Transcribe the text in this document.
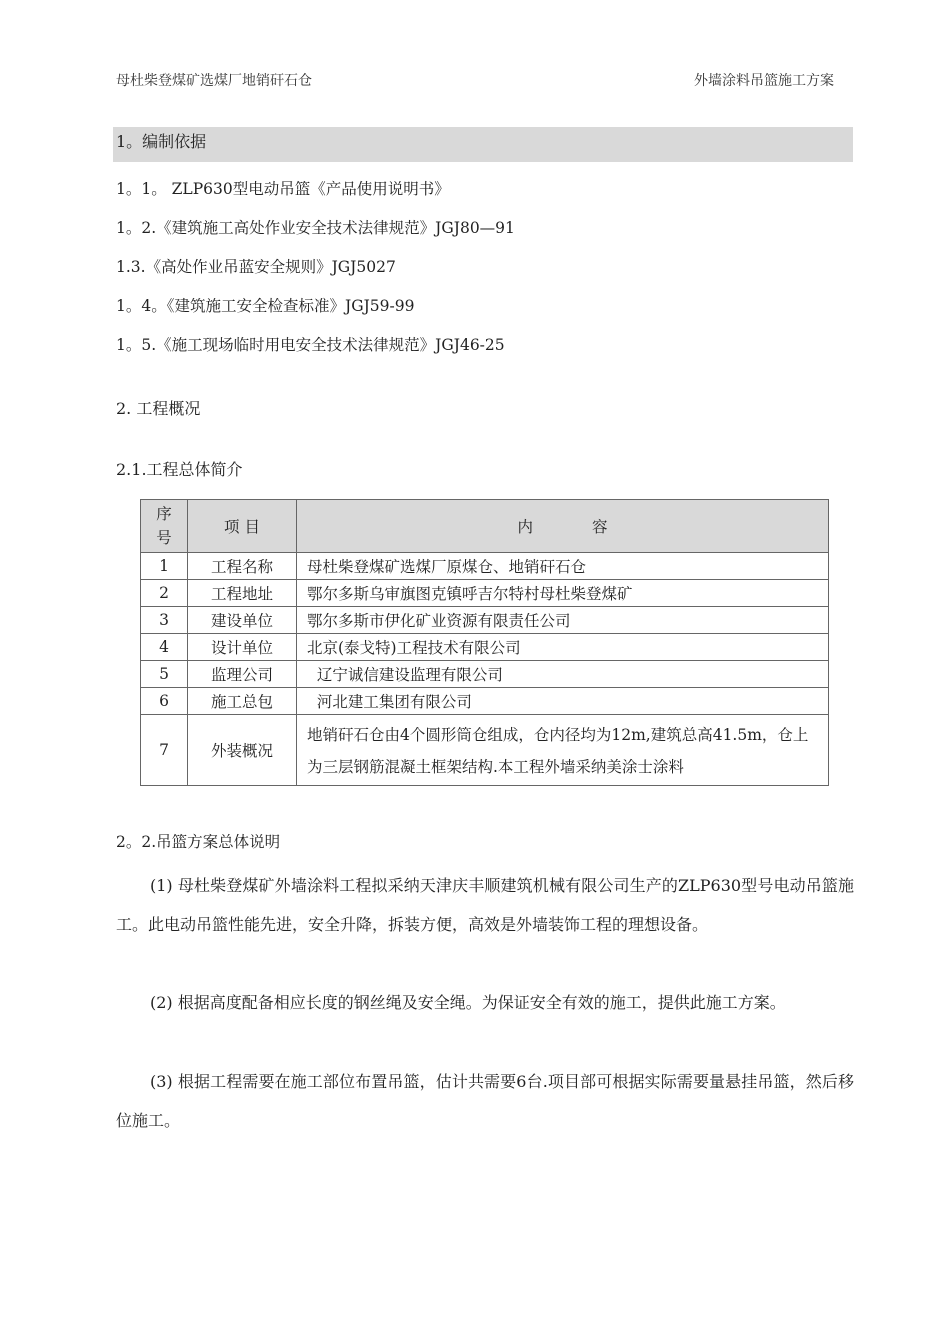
母杜柴登煤矿选煤厂地销矸石仓	外墙涂料吊篮施工方案
1。编制依据
1。1。 ZLP630型电动吊篮《产品使用说明书》
1。2.《建筑施工高处作业安全技术法律规范》JGJ80—91
1.3.《高处作业吊蓝安全规则》JGJ5027
1。4。《建筑施工安全检查标准》JGJ59-99
1。5.《施工现场临时用电安全技术法律规范》JGJ46-25
2. 工程概况
2.1.工程总体简介
序号	项 目	内            容
1	工程名称	母杜柴登煤矿选煤厂原煤仓、地销矸石仓
2	工程地址	鄂尔多斯乌审旗图克镇呼吉尔特村母杜柴登煤矿
3	建设单位	鄂尔多斯市伊化矿业资源有限责任公司
4	设计单位	北京(泰戈特)工程技术有限公司
5	监理公司	辽宁诚信建设监理有限公司
6	施工总包	河北建工集团有限公司
7	外装概况	地销矸石仓由4个圆形筒仓组成，仓内径均为12m,建筑总高41.5m，仓上为三层钢筋混凝土框架结构.本工程外墙采纳美涂士涂料
2。2.吊篮方案总体说明
(1) 母杜柴登煤矿外墙涂料工程拟采纳天津庆丰顺建筑机械有限公司生产的ZLP630型号电动吊篮施工。此电动吊篮性能先进，安全升降，拆装方便，高效是外墙装饰工程的理想设备。
(2) 根据高度配备相应长度的钢丝绳及安全绳。为保证安全有效的施工，提供此施工方案。
(3) 根据工程需要在施工部位布置吊篮，估计共需要6台.项目部可根据实际需要量悬挂吊篮，然后移位施工。
